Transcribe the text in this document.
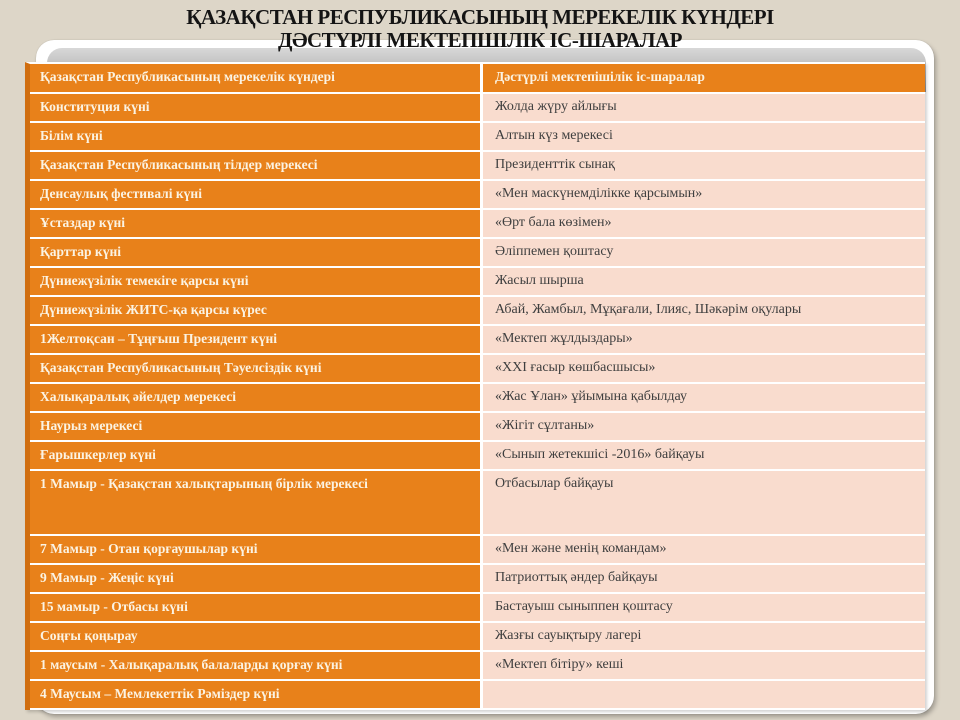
ҚАЗАҚСТАН РЕСПУБЛИКАСЫНЫҢ МЕРЕКЕЛІК КҮНДЕРІ
ДӘСТҮРЛІ МЕКТЕПШІЛІК ІС-ШАРАЛАР
Қазақстан Республикасының мерекелік күндері	Дәстүрлі мектепішілік іс-шаралар
Конституция күні	Жолда жүру айлығы
Білім күні	Алтын күз мерекесі
Қазақстан Республикасының тілдер мерекесі	Президенттік сынақ
Денсаулық фестивалі күні	«Мен маскүнемділікке қарсымын»
Ұстаздар күні	«Өрт бала көзімен»
Қарттар күні	Әліппемен қоштасу
Дүниежүзілік темекіге қарсы күні	Жасыл шырша
Дүниежүзілік ЖИТС-қа қарсы күрес	Абай, Жамбыл, Мұқағали, Ілияс, Шәкәрім оқулары
1Желтоқсан – Тұңғыш Президент күні	«Мектеп жұлдыздары»
Қазақстан Республикасының Тәуелсіздік күні	«ХХІ ғасыр көшбасшысы»
Халықаралық әйелдер мерекесі	«Жас Ұлан» ұйымына қабылдау
Наурыз мерекесі	«Жігіт сұлтаны»
Ғарышкерлер күні	«Сынып жетекшісі -2016» байқауы
1 Мамыр - Қазақстан халықтарының бірлік мерекесі	Отбасылар байқауы
7 Мамыр - Отан қорғаушылар күні	«Мен және менің командам»
9 Мамыр - Жеңіс күні	Патриоттық әндер байқауы
15 мамыр - Отбасы күні	Бастауыш сыныппен қоштасу
Соңғы қоңырау	Жазғы сауықтыру лагері
1 маусым - Халықаралық балаларды қорғау күні	«Мектеп бітіру» кеші
4 Маусым – Мемлекеттік Рәміздер күні
